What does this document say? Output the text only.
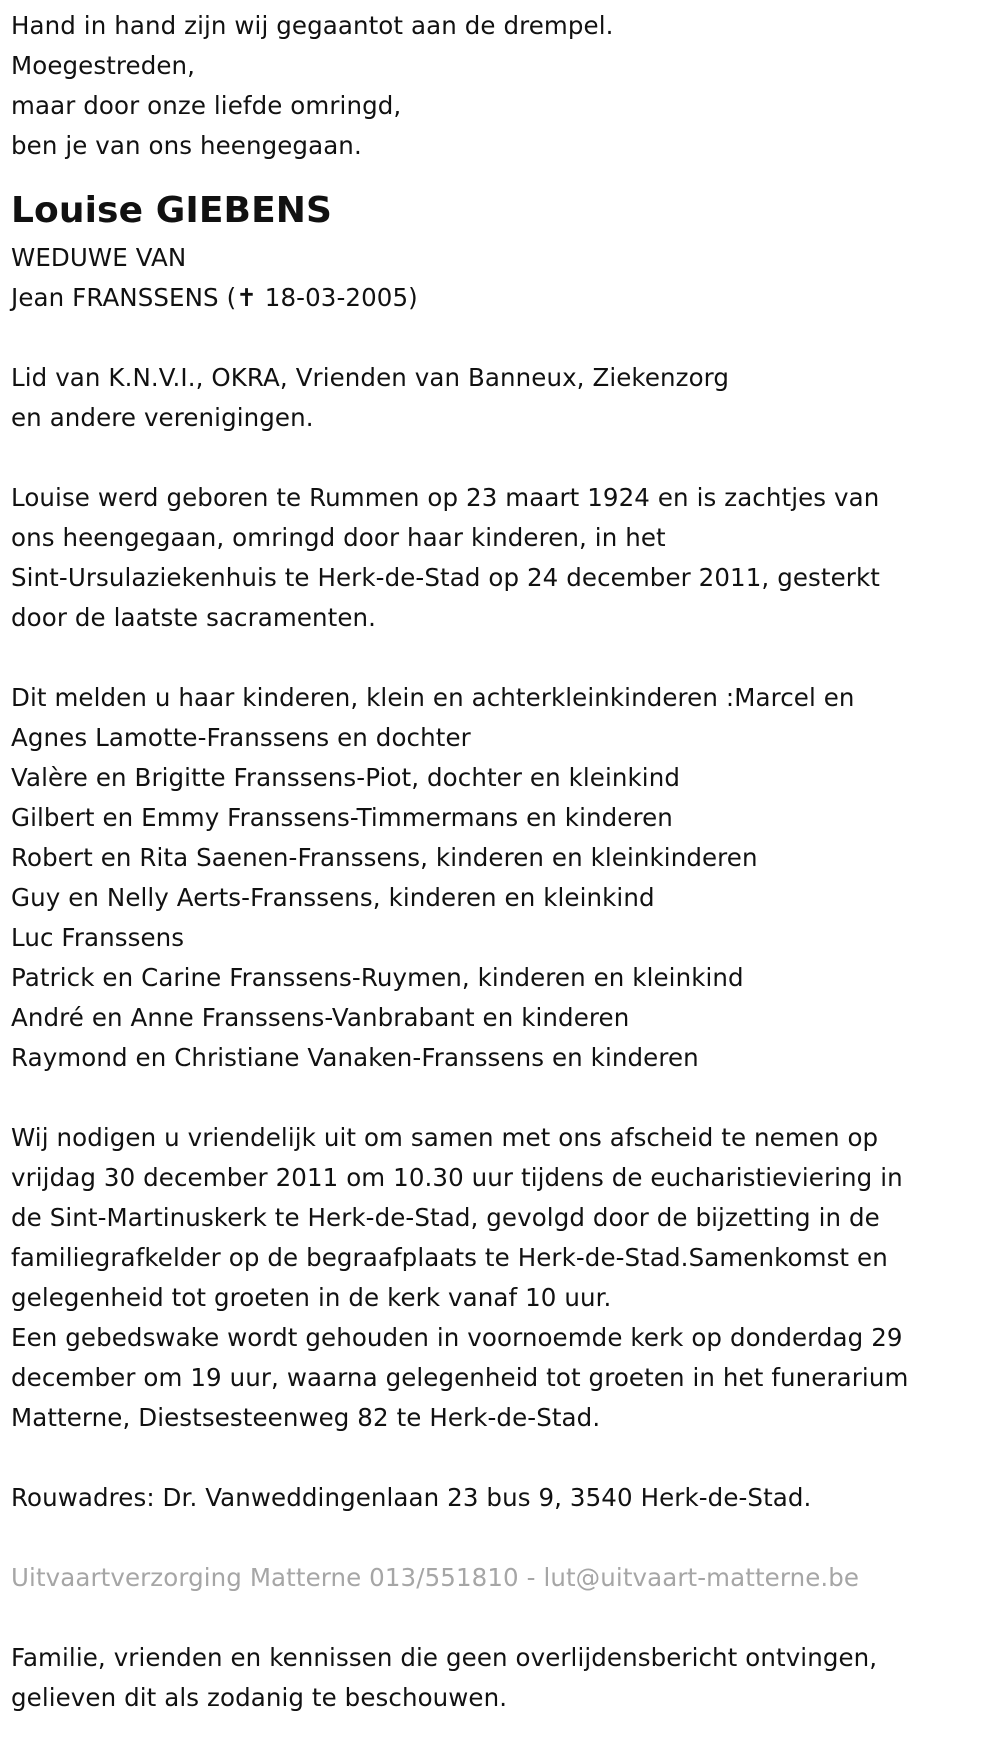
Hand in hand zijn wij gegaantot aan de drempel.
Moegestreden,
maar door onze liefde omringd,
ben je van ons heengegaan.
Louise GIEBENS
WEDUWE VAN
Jean FRANSSENS (✝ 18-03-2005)
Lid van K.N.V.I., OKRA, Vrienden van Banneux, Ziekenzorg
en andere verenigingen.
Louise werd geboren te Rummen op 23 maart 1924 en is zachtjes van
ons heengegaan, omringd door haar kinderen, in het
Sint-Ursulaziekenhuis te Herk-de-Stad op 24 december 2011, gesterkt
door de laatste sacramenten.
Dit melden u haar kinderen, klein en achterkleinkinderen :Marcel en
Agnes Lamotte-Franssens en dochter
Valère en Brigitte Franssens-Piot, dochter en kleinkind
Gilbert en Emmy Franssens-Timmermans en kinderen
Robert en Rita Saenen-Franssens, kinderen en kleinkinderen
Guy en Nelly Aerts-Franssens, kinderen en kleinkind
Luc Franssens
Patrick en Carine Franssens-Ruymen, kinderen en kleinkind
André en Anne Franssens-Vanbrabant en kinderen
Raymond en Christiane Vanaken-Franssens en kinderen
Wij nodigen u vriendelijk uit om samen met ons afscheid te nemen op
vrijdag 30 december 2011 om 10.30 uur tijdens de eucharistieviering in
de Sint-Martinuskerk te Herk-de-Stad, gevolgd door de bijzetting in de
familiegrafkelder op de begraafplaats te Herk-de-Stad.Samenkomst en
gelegenheid tot groeten in de kerk vanaf 10 uur.
Een gebedswake wordt gehouden in voornoemde kerk op donderdag 29
december om 19 uur, waarna gelegenheid tot groeten in het funerarium
Matterne, Diestsesteenweg 82 te Herk-de-Stad.
Rouwadres: Dr. Vanweddingenlaan 23 bus 9, 3540 Herk-de-Stad.
Uitvaartverzorging Matterne 013/551810 - lut@uitvaart-matterne.be
Familie, vrienden en kennissen die geen overlijdensbericht ontvingen,
gelieven dit als zodanig te beschouwen.
